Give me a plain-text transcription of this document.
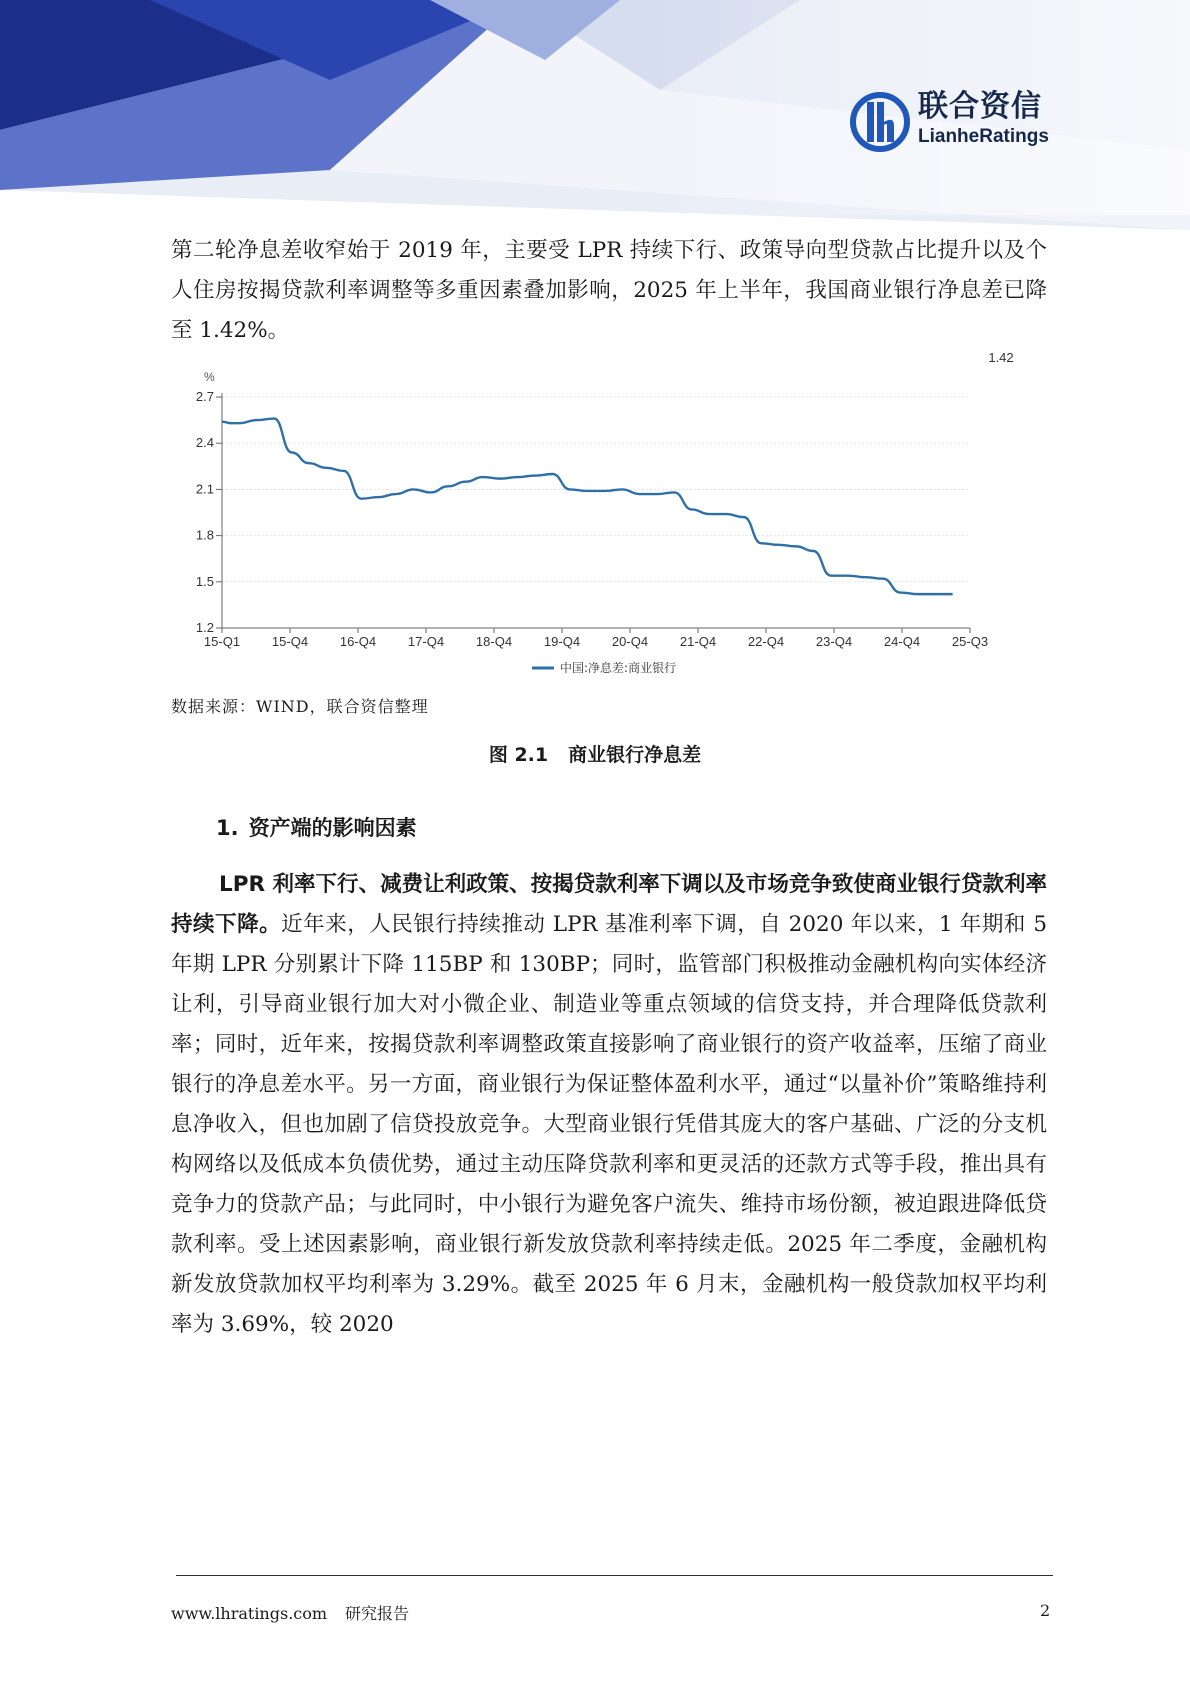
联合资信
LianheRatings

第二轮净息差收窄始于 2019 年，主要受 LPR 持续下行、政策导向型贷款占比提升以及个人住房按揭贷款利率调整等多重因素叠加影响，2025 年上半年，我国商业银行净息差已降至 1.42%。

%
2.7
2.4
2.1
1.8
1.5
1.2
15-Q1 15-Q4 16-Q4 17-Q4 18-Q4 19-Q4 20-Q4 21-Q4 22-Q4 23-Q4 24-Q4 25-Q3
1.42
中国:净息差:商业银行
数据来源：WIND，联合资信整理
图 2.1 商业银行净息差
1. 资产端的影响因素

LPR 利率下行、减费让利政策、按揭贷款利率下调以及市场竞争致使商业银行贷款利率持续下降。近年来，人民银行持续推动 LPR 基准利率下调，自 2020 年以来，1 年期和 5 年期 LPR 分别累计下降 115BP 和 130BP；同时，监管部门积极推动金融机构向实体经济让利，引导商业银行加大对小微企业、制造业等重点领域的信贷支持，并合理降低贷款利率；同时，近年来，按揭贷款利率调整政策直接影响了商业银行的资产收益率，压缩了商业银行的净息差水平。另一方面，商业银行为保证整体盈利水平，通过“以量补价”策略维持利息净收入，但也加剧了信贷投放竞争。大型商业银行凭借其庞大的客户基础、广泛的分支机构网络以及低成本负债优势，通过主动压降贷款利率和更灵活的还款方式等手段，推出具有竞争力的贷款产品；与此同时，中小银行为避免客户流失、维持市场份额，被迫跟进降低贷款利率。受上述因素影响，商业银行新发放贷款利率持续走低。2025 年二季度，金融机构新发放贷款加权平均利率为 3.29%。截至 2025 年 6 月末，金融机构一般贷款加权平均利率为 3.69%，较 2020

www.lhratings.com 研究报告	2
